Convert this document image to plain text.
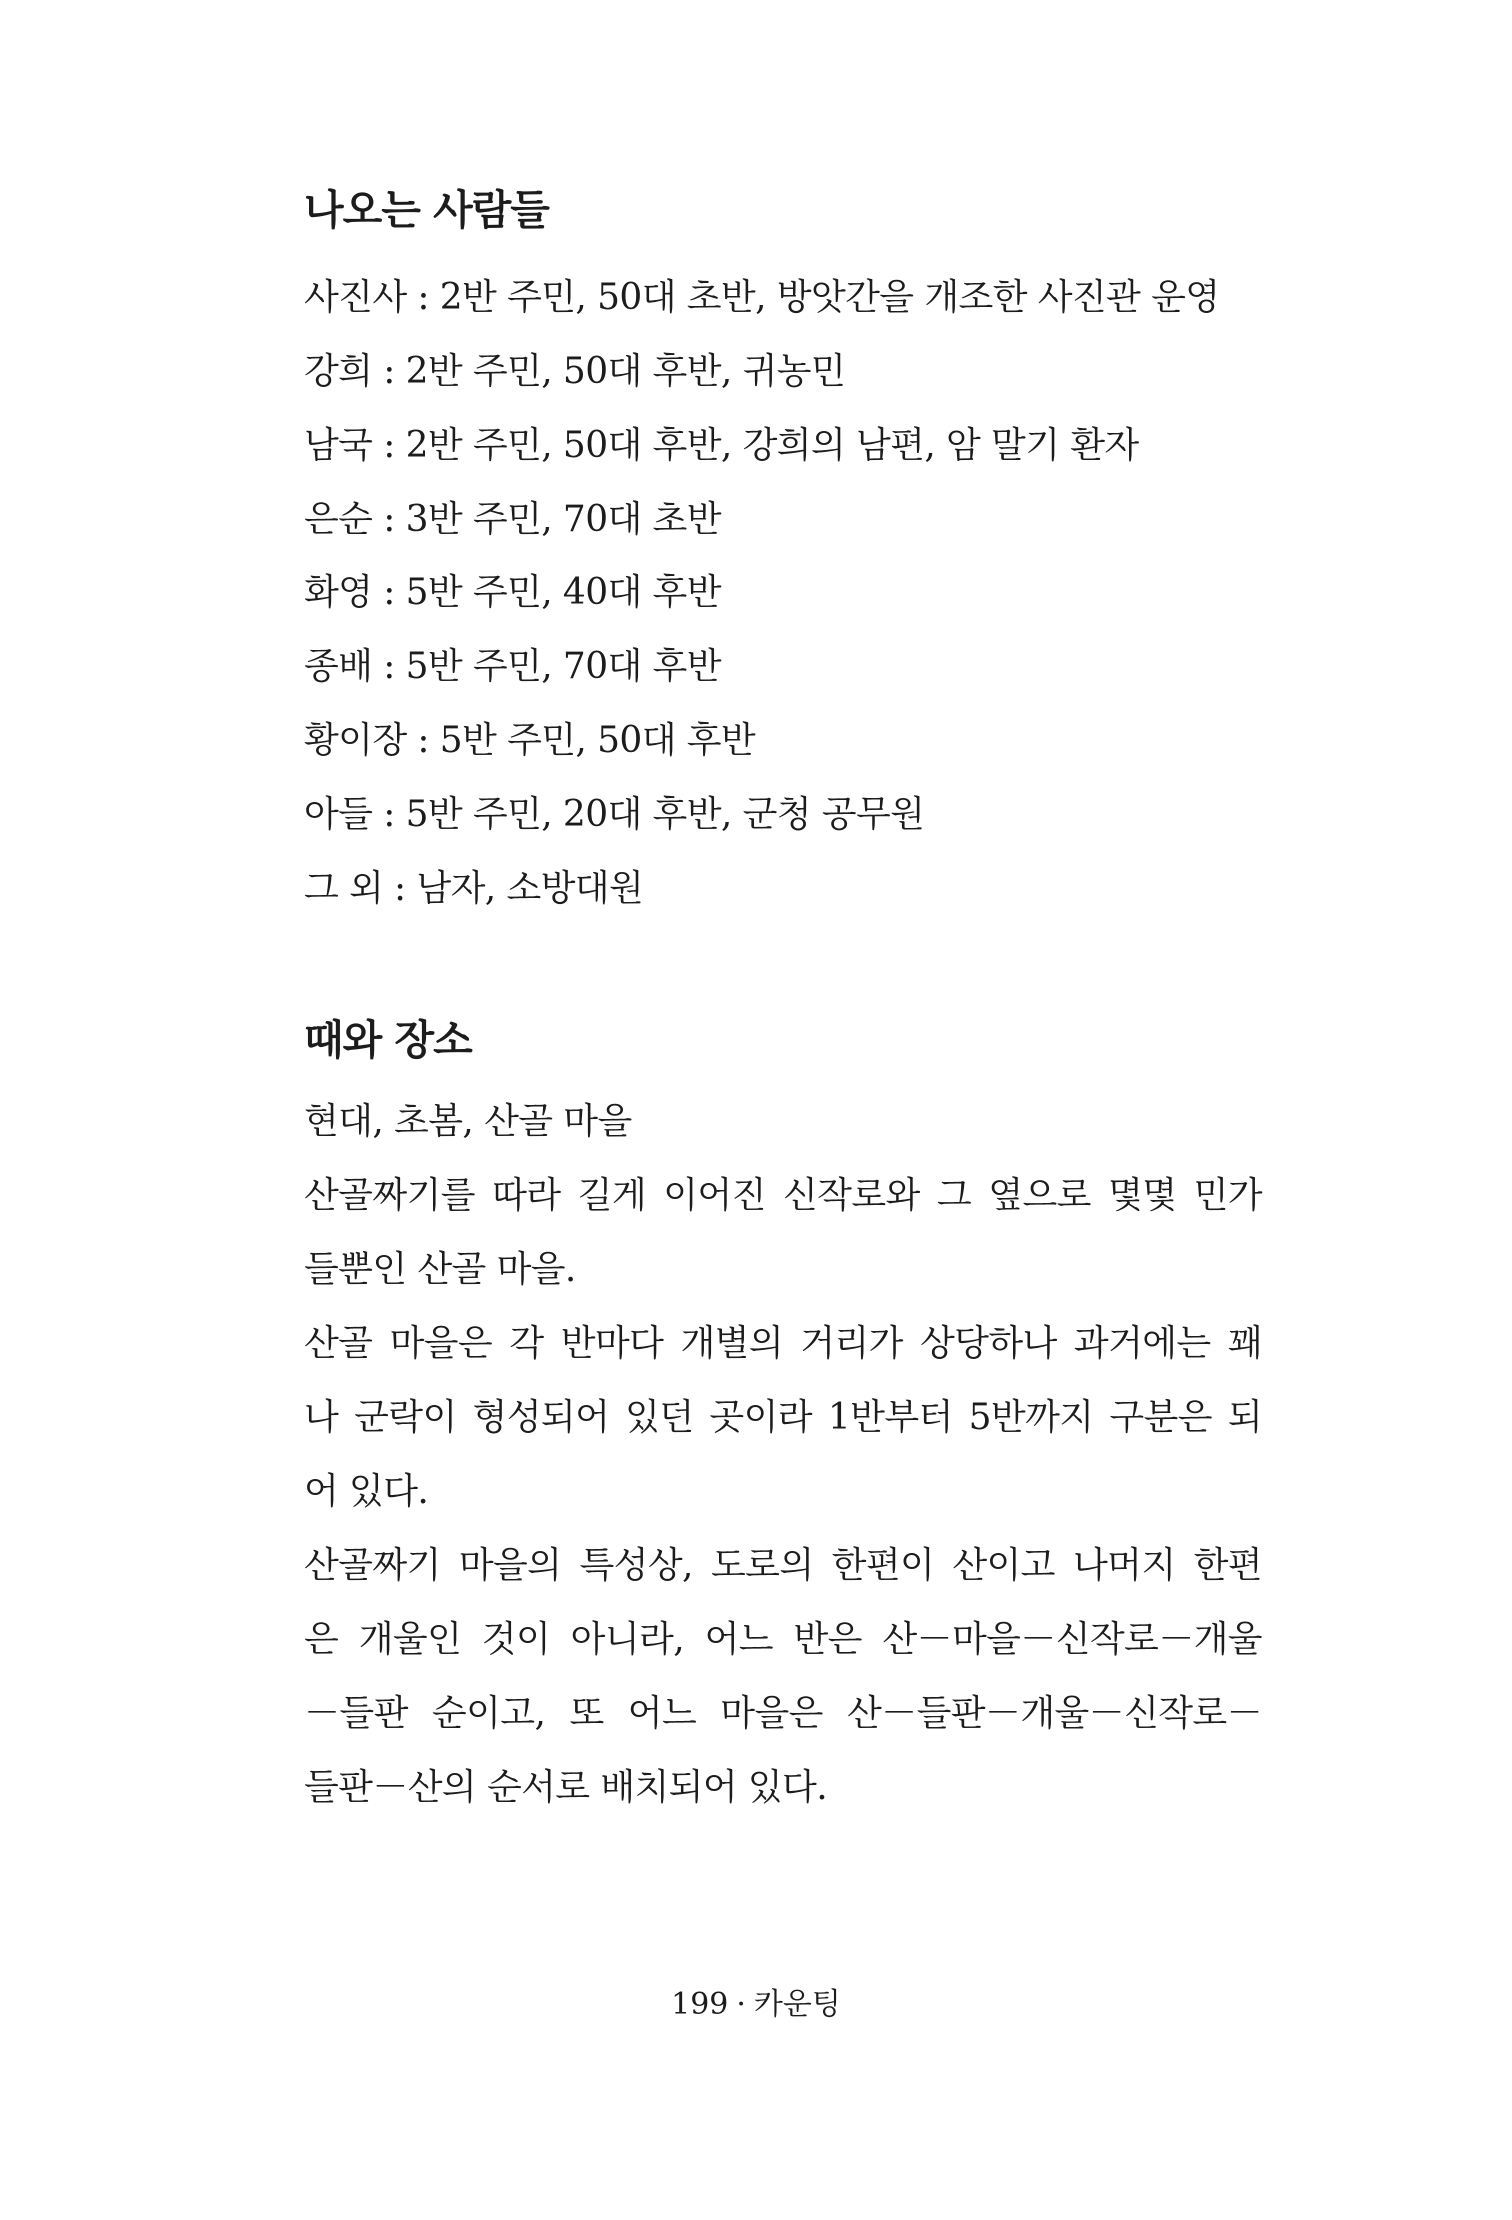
나오는 사람들

사진사 : 2반 주민, 50대 초반, 방앗간을 개조한 사진관 운영

강희 : 2반 주민, 50대 후반, 귀농민

남국 : 2반 주민, 50대 후반, 강희의 남편, 암 말기 환자

은순 : 3반 주민, 70대 초반

화영 : 5반 주민, 40대 후반

종배 : 5반 주민, 70대 후반

황이장 : 5반 주민, 50대 후반

아들 : 5반 주민, 20대 후반, 군청 공무원

그 외 : 남자, 소방대원

때와 장소

현대, 초봄, 산골 마을

산골짜기를 따라 길게 이어진 신작로와 그 옆으로 몇몇 민가

들뿐인 산골 마을.

산골 마을은 각 반마다 개별의 거리가 상당하나 과거에는 꽤

나 군락이 형성되어 있던 곳이라 1반부터 5반까지 구분은 되

어 있다.

산골짜기 마을의 특성상, 도로의 한편이 산이고 나머지 한편

은 개울인 것이 아니라, 어느 반은 산－마을－신작로－개울

－들판 순이고, 또 어느 마을은 산－들판－개울－신작로－

들판－산의 순서로 배치되어 있다.

199 · 카운팅
